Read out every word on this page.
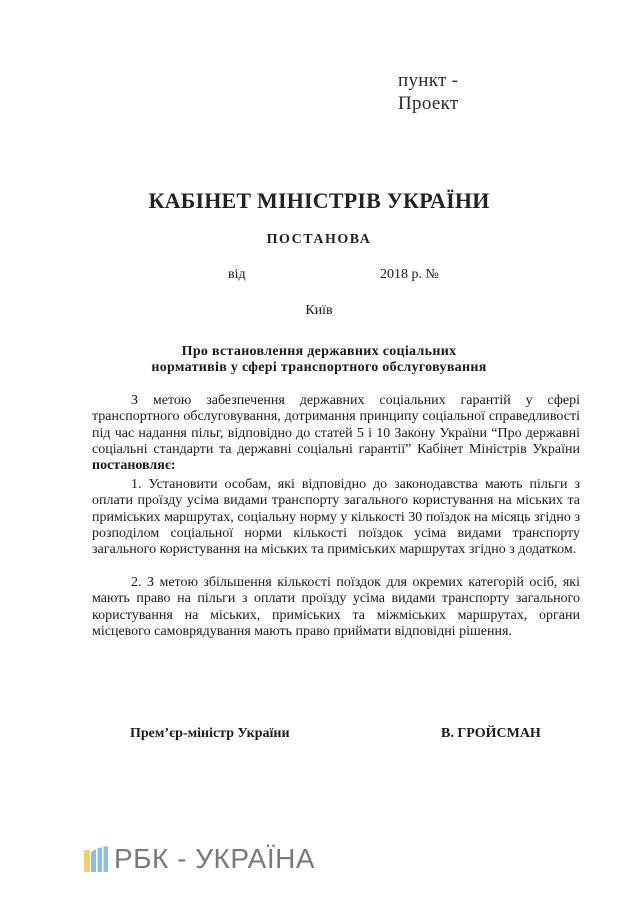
пункт -
Проект
КАБІНЕТ МІНІСТРІВ УКРАЇНИ
ПОСТАНОВА
від	2018 р. №
Київ
Про встановлення державних соціальних
нормативів у сфері транспортного обслуговування

З метою забезпечення державних соціальних гарантій у сфері транспортного обслуговування, дотримання принципу соціальної справедливості під час надання пільг, відповідно до статей 5 і 10 Закону України “Про державні соціальні стандарти та державні соціальні гарантії” Кабінет Міністрів України постановляє:

1. Установити особам, які відповідно до законодавства мають пільги з оплати проїзду усіма видами транспорту загального користування на міських та приміських маршрутах, соціальну норму у кількості 30 поїздок на місяць згідно з розподілом соціальної норми кількості поїздок усіма видами транспорту загального користування на міських та приміських маршрутах згідно з додатком.

2. З метою збільшення кількості поїздок для окремих категорій осіб, які мають право на пільги з оплати проїзду усіма видами транспорту загального користування на міських, приміських та міжміських маршрутах, органи місцевого самоврядування мають право приймати відповідні рішення.

Прем’єр-міністр України	В. ГРОЙСМАН
РБК - УКРАЇНА
